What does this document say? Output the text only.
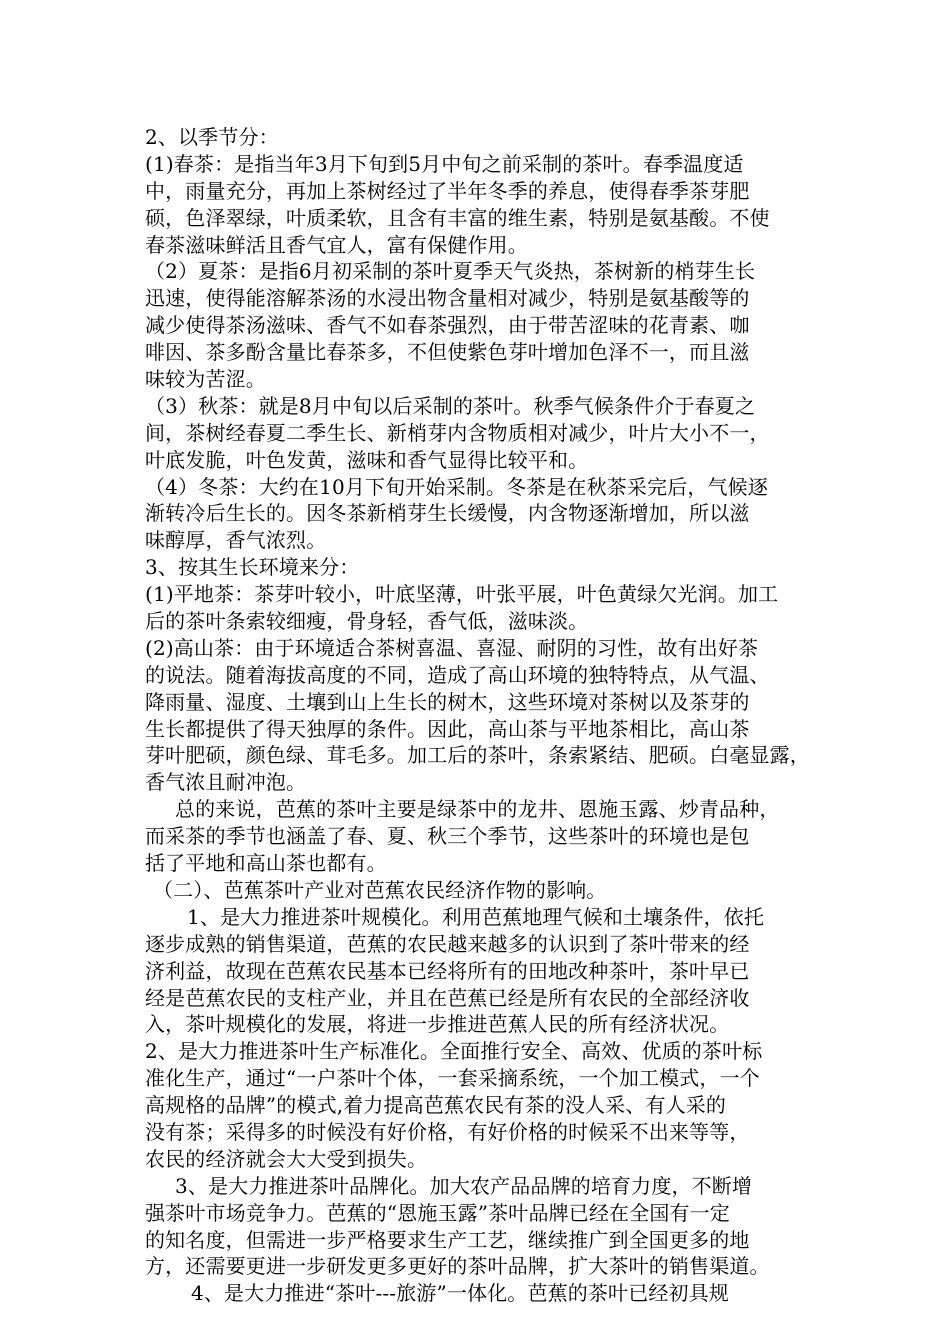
2、以季节分：
(1)春茶：是指当年3月下旬到5月中旬之前采制的茶叶。春季温度适
中，雨量充分，再加上茶树经过了半年冬季的养息，使得春季茶芽肥
硕，色泽翠绿，叶质柔软，且含有丰富的维生素，特别是氨基酸。不使
春茶滋味鲜活且香气宜人，富有保健作用。
（2）夏茶：是指6月初采制的茶叶夏季天气炎热，茶树新的梢芽生长
迅速，使得能溶解茶汤的水浸出物含量相对减少，特别是氨基酸等的
减少使得茶汤滋味、香气不如春茶强烈，由于带苦涩味的花青素、咖
啡因、茶多酚含量比春茶多，不但使紫色芽叶增加色泽不一，而且滋
味较为苦涩。
（3）秋茶：就是8月中旬以后采制的茶叶。秋季气候条件介于春夏之
间，茶树经春夏二季生长、新梢芽内含物质相对减少，叶片大小不一，
叶底发脆，叶色发黄，滋味和香气显得比较平和。
（4）冬茶：大约在10月下旬开始采制。冬茶是在秋茶采完后，气候逐
渐转冷后生长的。因冬茶新梢芽生长缓慢，内含物逐渐增加，所以滋
味醇厚，香气浓烈。
3、按其生长环境来分：
(1)平地茶：茶芽叶较小，叶底坚薄，叶张平展，叶色黄绿欠光润。加工
后的茶叶条索较细瘦，骨身轻，香气低，滋味淡。
(2)高山茶：由于环境适合茶树喜温、喜湿、耐阴的习性，故有出好茶
的说法。随着海拔高度的不同，造成了高山环境的独特特点，从气温、
降雨量、湿度、土壤到山上生长的树木，这些环境对茶树以及茶芽的
生长都提供了得天独厚的条件。因此，高山茶与平地茶相比，高山茶
芽叶肥硕，颜色绿、茸毛多。加工后的茶叶，条索紧结、肥硕。白毫显露，
香气浓且耐冲泡。
总的来说，芭蕉的茶叶主要是绿茶中的龙井、恩施玉露、炒青品种，
而采茶的季节也涵盖了春、夏、秋三个季节，这些茶叶的环境也是包
括了平地和高山茶也都有。
（二）、芭蕉茶叶产业对芭蕉农民经济作物的影响。
1、是大力推进茶叶规模化。利用芭蕉地理气候和土壤条件，依托
逐步成熟的销售渠道，芭蕉的农民越来越多的认识到了茶叶带来的经
济利益，故现在芭蕉农民基本已经将所有的田地改种茶叶，茶叶早已
经是芭蕉农民的支柱产业，并且在芭蕉已经是所有农民的全部经济收
入，茶叶规模化的发展，将进一步推进芭蕉人民的所有经济状况。
2、是大力推进茶叶生产标准化。全面推行安全、高效、优质的茶叶标
准化生产，通过“一户茶叶个体，一套采摘系统，一个加工模式，一个
高规格的品牌”的模式,着力提高芭蕉农民有茶的没人采、有人采的
没有茶；采得多的时候没有好价格，有好价格的时候采不出来等等，
农民的经济就会大大受到损失。
3、是大力推进茶叶品牌化。加大农产品品牌的培育力度，不断增
强茶叶市场竞争力。芭蕉的“恩施玉露”茶叶品牌已经在全国有一定
的知名度，但需进一步严格要求生产工艺，继续推广到全国更多的地
方，还需要更进一步研发更多更好的茶叶品牌，扩大茶叶的销售渠道。
4、是大力推进“茶叶---旅游”一体化。芭蕉的茶叶已经初具规
